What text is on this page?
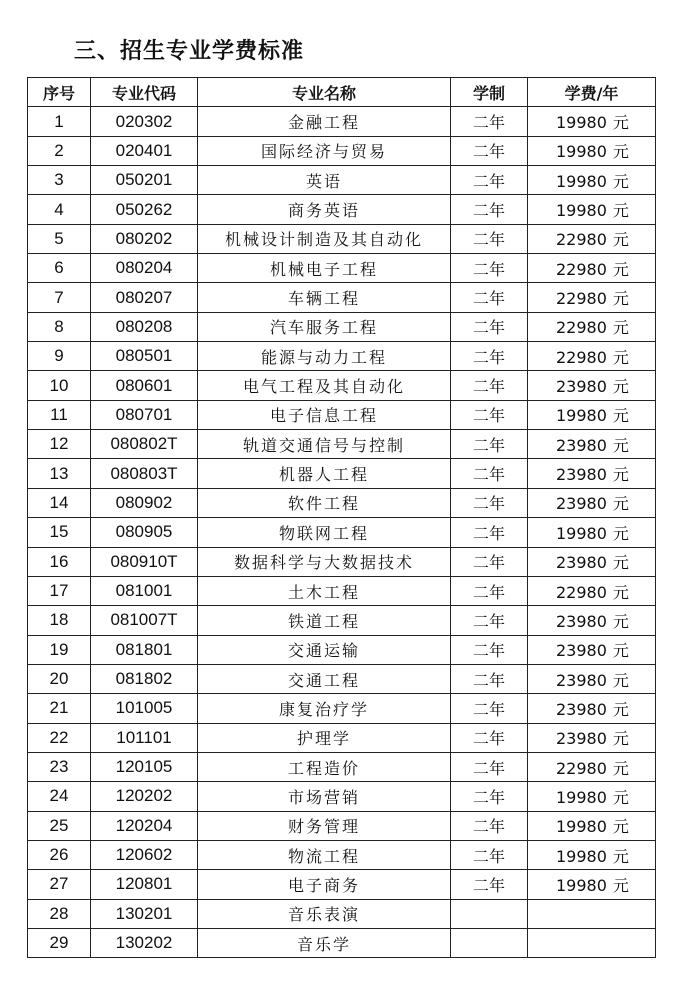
三、招生专业学费标准
序号	专业代码	专业名称	学制	学费/年
1	020302	金融工程	二年	19980 元
2	020401	国际经济与贸易	二年	19980 元
3	050201	英语	二年	19980 元
4	050262	商务英语	二年	19980 元
5	080202	机械设计制造及其自动化	二年	22980 元
6	080204	机械电子工程	二年	22980 元
7	080207	车辆工程	二年	22980 元
8	080208	汽车服务工程	二年	22980 元
9	080501	能源与动力工程	二年	22980 元
10	080601	电气工程及其自动化	二年	23980 元
11	080701	电子信息工程	二年	19980 元
12	080802T	轨道交通信号与控制	二年	23980 元
13	080803T	机器人工程	二年	23980 元
14	080902	软件工程	二年	23980 元
15	080905	物联网工程	二年	19980 元
16	080910T	数据科学与大数据技术	二年	23980 元
17	081001	土木工程	二年	22980 元
18	081007T	铁道工程	二年	23980 元
19	081801	交通运输	二年	23980 元
20	081802	交通工程	二年	23980 元
21	101005	康复治疗学	二年	23980 元
22	101101	护理学	二年	23980 元
23	120105	工程造价	二年	22980 元
24	120202	市场营销	二年	19980 元
25	120204	财务管理	二年	19980 元
26	120602	物流工程	二年	19980 元
27	120801	电子商务	二年	19980 元
28	130201	音乐表演		
29	130202	音乐学		
